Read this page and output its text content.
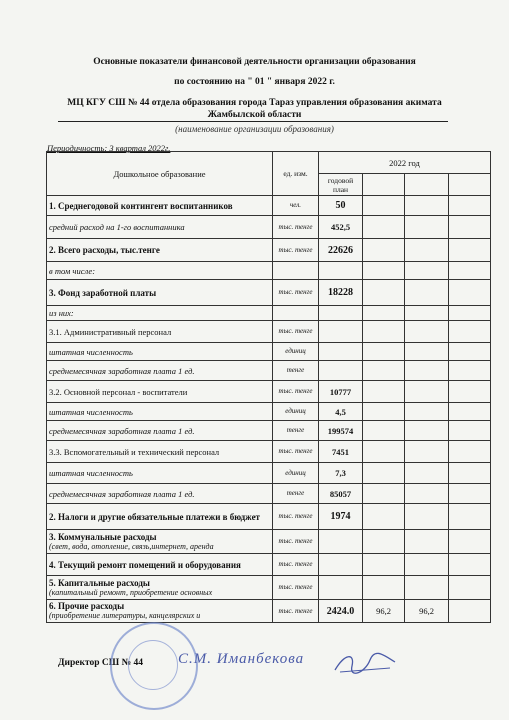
Основные показатели финансовой деятельности организации образования
по состоянию на " 01 " января 2022 г.
МЦ КГУ СШ № 44 отдела образования города Тараз управления образования акимата
Жамбылской области
(наименование организации образования)
Периодичность: 3 квартал 2022г.
Дошкольное образование	ед. изм.	2022 год			
		годовой план			
1. Среднегодовой контингент воспитанников	чел.	50			
средний расход на 1-го воспитанника	тыс. тенге	452,5			
2. Всего расходы, тыс.тенге	тыс. тенге	22626			
в том числе:					
3. Фонд заработной платы	тыс. тенге	18228			
из них:					
3.1. Административный персонал	тыс. тенге				
штатная численность	единиц				
среднемесячная заработная плата 1 ед.	тенге				
3.2. Основной персонал - воспитатели	тыс. тенге	10777			
штатная численность	единиц	4,5			
среднемесячная заработная плата 1 ед.	тенге	199574			
3.3. Вспомогательный и технический персонал	тыс. тенге	7451			
штатная численность	единиц	7,3			
среднемесячная заработная плата 1 ед.	тенге	85057			
2. Налоги и другие обязательные платежи в бюджет	тыс. тенге	1974			

3. Коммунальные расходы
(свет, вода, отопление, связь,интернет, аренда	тыс. тенге				
4. Текущий ремонт помещений и оборудования	тыс. тенге				

5. Капитальные расходы
(капитальный ремонт, приобретение основных	тыс. тенге				

6. Прочие расходы
(приобретение литературы, канцелярских и	тыс. тенге	2424.0	96,2	96,2	
Директор СШ № 44 С.М. Иманбекова
